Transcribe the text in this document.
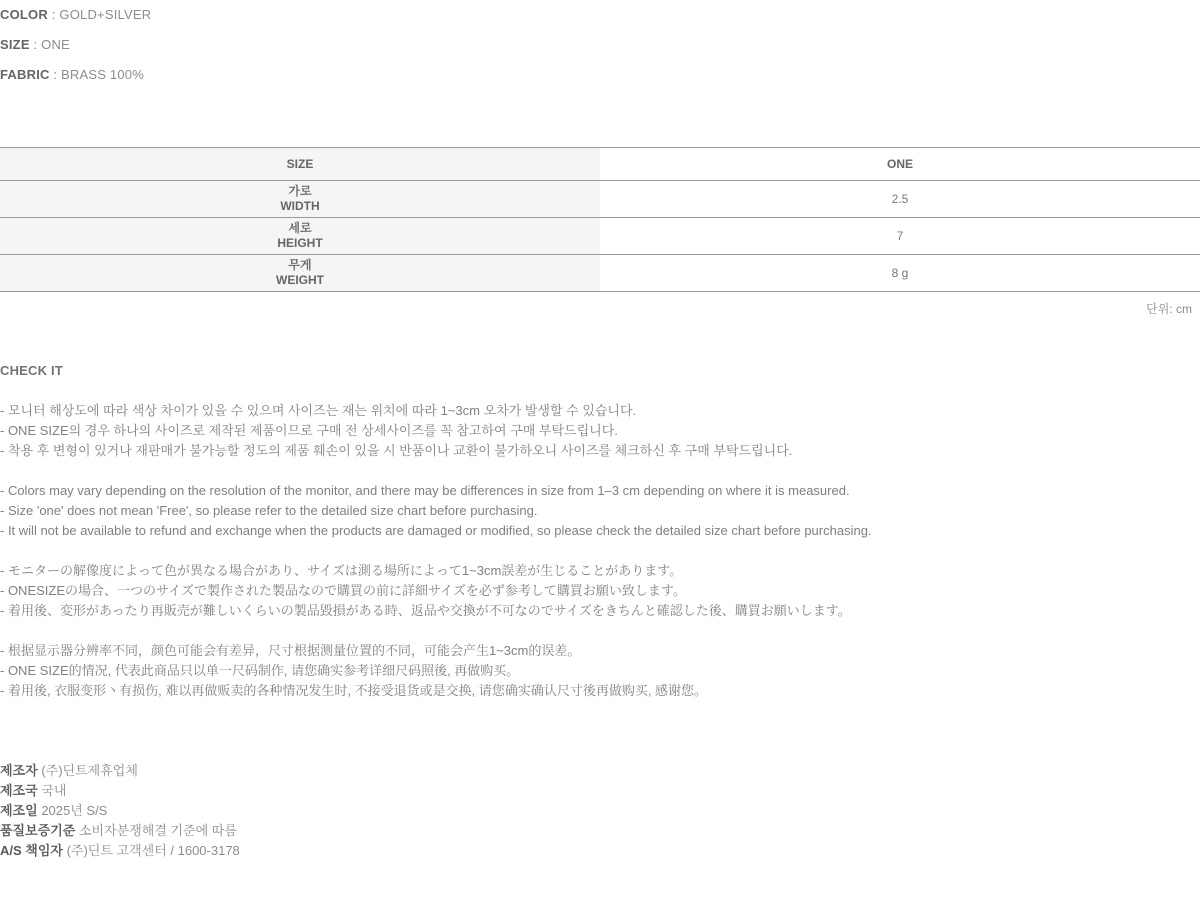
COLOR : GOLD+SILVER
SIZE : ONE
FABRIC : BRASS 100%
SIZE	ONE

가로
WIDTH	2.5

세로
HEIGHT	7

무게
WEIGHT	8 g
단위: cm
CHECK IT

- 모니터 해상도에 따라 색상 차이가 있을 수 있으며 사이즈는 재는 위치에 따라 1~3cm 오차가 발생할 수 있습니다.
- ONE SIZE의 경우 하나의 사이즈로 제작된 제품이므로 구매 전 상세사이즈를 꼭 참고하여 구매 부탁드립니다.
- 착용 후 변형이 있거나 재판매가 불가능할 정도의 제품 훼손이 있을 시 반품이나 교환이 불가하오니 사이즈를 체크하신 후 구매 부탁드립니다.

- Colors may vary depending on the resolution of the monitor, and there may be differences in size from 1–3 cm depending on where it is measured.
- Size 'one' does not mean 'Free', so please refer to the detailed size chart before purchasing.
- It will not be available to refund and exchange when the products are damaged or modified, so please check the detailed size chart before purchasing.

- モニターの解像度によって色が異なる場合があり、サイズは測る場所によって1~3cm誤差が生じることがあります。
- ONESIZEの場合、一つのサイズで製作された製品なので購買の前に詳細サイズを必ず参考して購買お願い致します。
- 着用後、変形があったり再販売が難しいくらいの製品毀損がある時、返品や交換が不可なのでサイズをきちんと確認した後、購買お願いします。

- 根据显示器分辨率不同，颜色可能会有差异，尺寸根据测量位置的不同，可能会产生1~3cm的误差。
- ONE SIZE的情况, 代表此商品只以单一尺码制作, 请您确实参考详细尺码照後, 再做购买。
- 着用後, 衣服变形丶有损伤, 难以再做贩卖的各种情况发生时, 不接受退货或是交换, 请您确实确认尺寸後再做购买, 感谢您。

제조자 (주)딘트제휴업체
제조국 국내
제조일 2025년 S/S
품질보증기준 소비자분쟁해결 기준에 따름
A/S 책임자 (주)딘트 고객센터 / 1600-3178
